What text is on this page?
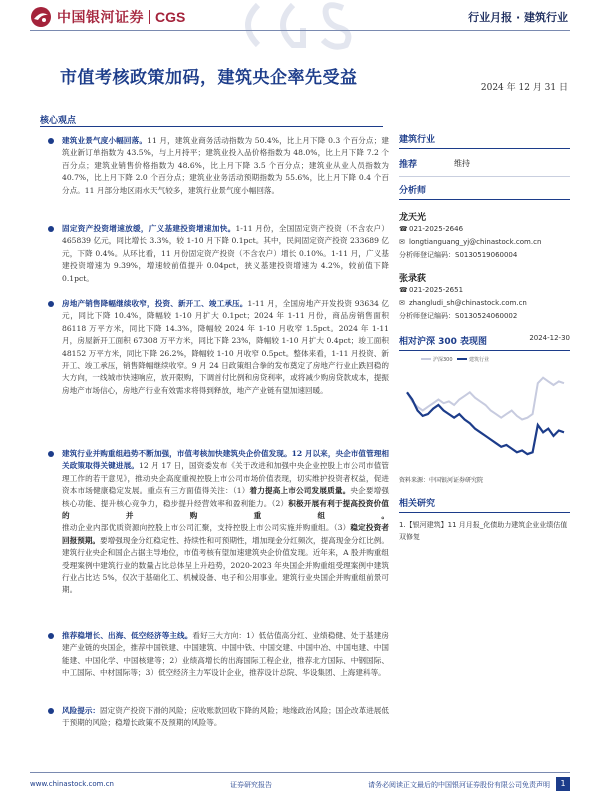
中国银河证券 CGS	行业月报 · 建筑行业
市值考核政策加码，建筑央企率先受益	2024 年 12 月 31 日
核心观点
建筑业景气度小幅回落。11 月，建筑业商务活动指数为 50.4%，比上月下降 0.3 个百分点；建筑业新订单指数为 43.5%，与上月持平；建筑业投入品价格指数为 48.0%，比上月下降 7.2 个百分点；建筑业销售价格指数为 48.6%，比上月下降 3.5 个百分点；建筑业从业人员指数为 40.7%，比上月下降 2.0 个百分点；建筑业业务活动预期指数为 55.6%，比上月下降 0.4 个百分点。11 月部分地区雨水天气较多，建筑行业景气度小幅回落。
固定资产投资增速放缓，广义基建投资增速加快。1-11 月份，全国固定资产投资（不含农户）465839 亿元，同比增长 3.3%，较 1-10 月下降 0.1pct。其中，民间固定资产投资 233689 亿元，下降 0.4%。从环比看，11 月份固定资产投资（不含农户）增长 0.10%。1-11 月，广义基建投资增速为 9.39%，增速较前值提升 0.04pct，狭义基建投资增速为 4.2%，较前值下降 0.1pct。
房地产销售降幅继续收窄，投资、新开工、竣工承压。1-11 月，全国房地产开发投资 93634 亿元，同比下降 10.4%，降幅较 1-10 月扩大 0.1pct；2024 年 1-11 月份，商品房销售面积 86118 万平方米，同比下降 14.3%，降幅较 2024 年 1-10 月收窄 1.5pct。2024 年 1-11 月，房屋新开工面积 67308 万平方米，同比下降 23%，降幅较 1-10 月扩大 0.4pct；竣工面积 48152 万平方米，同比下降 26.2%，降幅较 1-10 月收窄 0.5pct。整体来看，1-11 月投资、新开工、竣工承压，销售降幅继续收窄。9 月 24 日政策组合拳的发布奠定了房地产行业止跌回稳的大方向，一线城市快速响应，放开限购，下调首付比例和房贷利率，或将减少购房贷款成本，提振房地产市场信心，房地产行业有效需求将得到释放，地产产业链有望加速回暖。
建筑行业并购重组趋势不断加强，市值考核加快建筑央企价值发现。12 月以来，央企市值管理相关政策取得关键进展。12 月 17 日，国资委发布《关于改进和加强中央企业控股上市公司市值管理工作的若干意见》，推动央企高度重视控股上市公司市场价值表现，切实维护投资者权益，促进资本市场健康稳定发展。重点有三方面值得关注：（1）着力提高上市公司发展质量。央企要增强核心功能、提升核心竞争力，稳步提升经营效率和盈利能力。（2）积极开展有利于提高投资价值的并购重组。推动企业内部优质资源向控股上市公司汇聚，支持控股上市公司实施并购重组。（3）稳定投资者回报预期。要增强现金分红稳定性、持续性和可预期性，增加现金分红频次，提高现金分红比例。建筑行业央企和国企占据主导地位，市值考核有望加速建筑央企价值发现。近年来，A 股并购重组受理案例中建筑行业的数量占比总体呈上升趋势，2020-2023 年央国企并购重组受理案例中建筑行业占比达 5%，仅次于基础化工、机械设备、电子和公用事业。建筑行业央国企并购重组前景可期。
推荐稳增长、出海、低空经济等主线。看好三大方向：1）低估值高分红、业绩稳健、处于基建房建产业链的央国企，推荐中国铁建、中国建筑、中国中铁、中国交建、中国中冶、中国电建、中国能建、中国化学、中国核建等；2）业绩高增长的出海国际工程企业，推荐北方国际、中钢国际、中工国际、中材国际等；3）低空经济主力军设计企业，推荐设计总院、华设集团、上海建科等。
风险提示：固定资产投资下滑的风险；应收账款回收下降的风险；地缘政治风险；国企改革进展低于预期的风险；稳增长政策不及预期的风险等。
建筑行业
推荐	维持
分析师
龙天光
☎ 021-2025-2646
✉ longtianguang_yj@chinastock.com.cn
分析师登记编码：S0130519060004
张录荻
☎ 021-2025-2651
✉ zhangludi_sh@chinastock.com.cn
分析师登记编码：S0130524060002
相对沪深 300 表现图	2024-12-30
沪深300	建筑行业
资料来源：中国银河证券研究院
相关研究
1.【银河建筑】11 月月报_化债助力建筑企业业绩估值双修复
www.chinastock.com.cn	证券研究报告	请务必阅读正文最后的中国银河证券股份有限公司免责声明	1
